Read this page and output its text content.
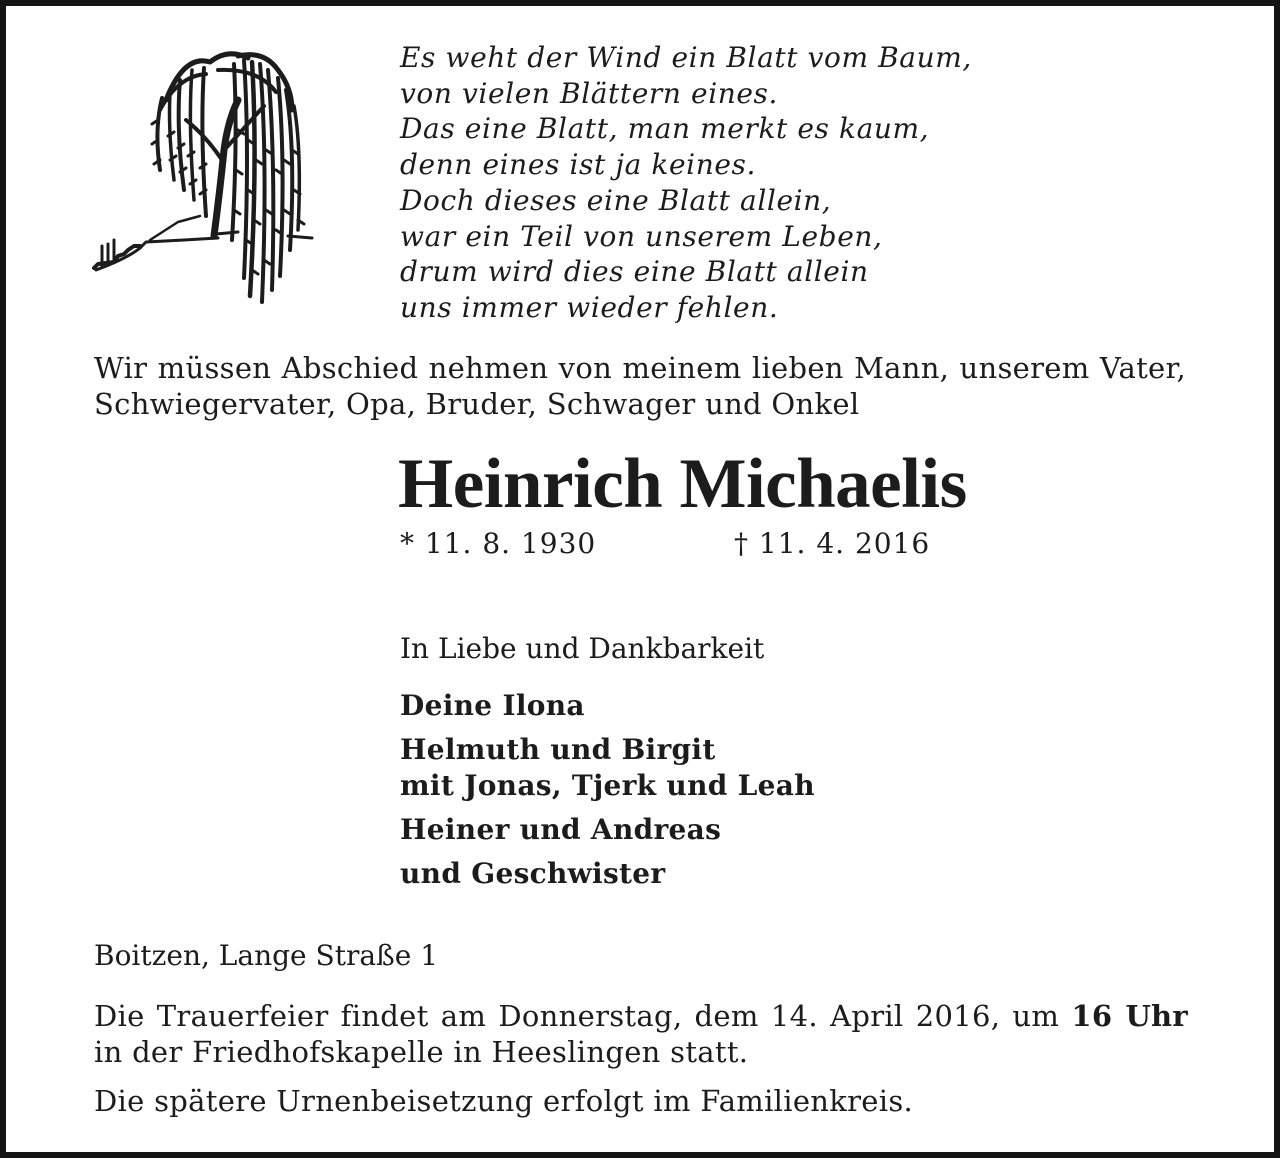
Es weht der Wind ein Blatt vom Baum,
von vielen Blättern eines.
Das eine Blatt, man merkt es kaum,
denn eines ist ja keines.
Doch dieses eine Blatt allein,
war ein Teil von unserem Leben,
drum wird dies eine Blatt allein
uns immer wieder fehlen.
Wir müssen Abschied nehmen von meinem lieben Mann, unserem Vater, Schwiegervater, Opa, Bruder, Schwager und Onkel
Heinrich Michaelis
* 11. 8. 1930	† 11. 4. 2016
In Liebe und Dankbarkeit
Deine Ilona
Helmuth und Birgit
mit Jonas, Tjerk und Leah
Heiner und Andreas
und Geschwister
Boitzen, Lange Straße 1
Die Trauerfeier findet am Donnerstag, dem 14. April 2016, um 16 Uhr in der Friedhofskapelle in Heeslingen statt.
Die spätere Urnenbeisetzung erfolgt im Familienkreis.
